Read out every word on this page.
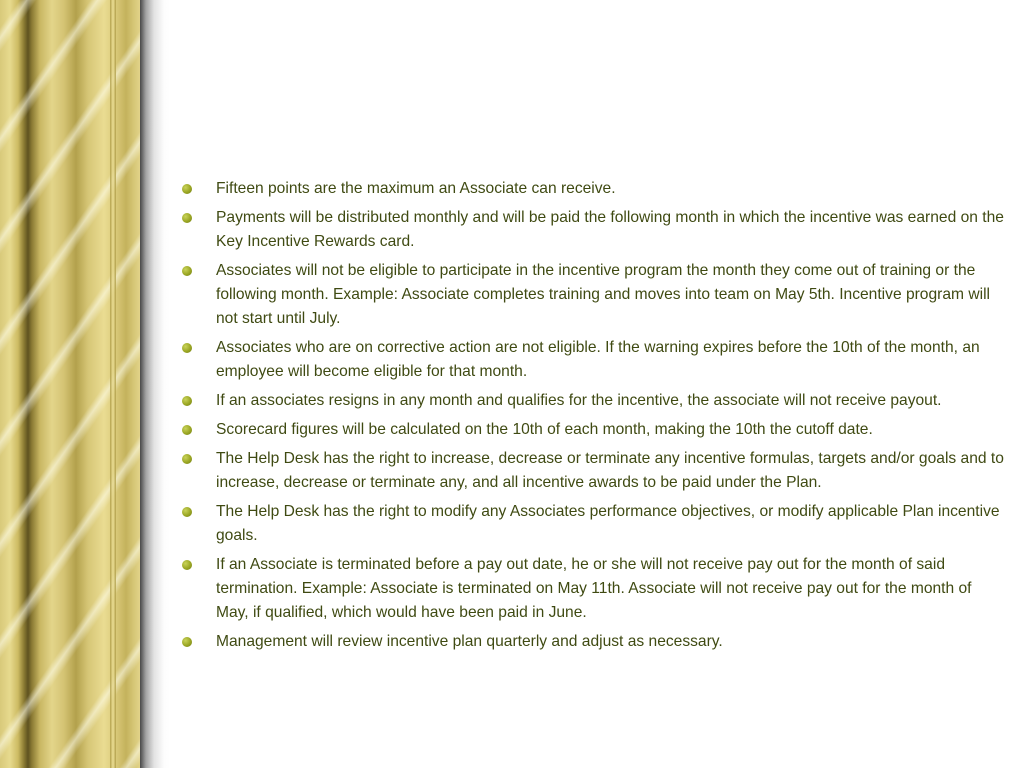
Fifteen points are the maximum an Associate can receive.
Payments will be distributed monthly and will be paid the following month in which the incentive was earned on the Key Incentive Rewards card.
Associates will not be eligible to participate in the incentive program the month they come out of training or the following month. Example: Associate completes training and moves into team on May 5th. Incentive program will not start until July.
Associates who are on corrective action are not eligible. If the warning expires before the 10th of the month, an employee will become eligible for that month.
If an associates resigns in any month and qualifies for the incentive, the associate will not receive payout.
Scorecard figures will be calculated on the 10th of each month, making the 10th the cutoff date.
The Help Desk has the right to increase, decrease or terminate any incentive formulas, targets and/or goals and to increase, decrease or terminate any, and all incentive awards to be paid under the Plan.
The Help Desk has the right to modify any Associates performance objectives, or modify applicable Plan incentive goals.
If an Associate is terminated before a pay out date, he or she will not receive pay out for the month of said termination. Example: Associate is terminated on May 11th. Associate will not receive pay out for the month of May, if qualified, which would have been paid in June.
Management will review incentive plan quarterly and adjust as necessary.
